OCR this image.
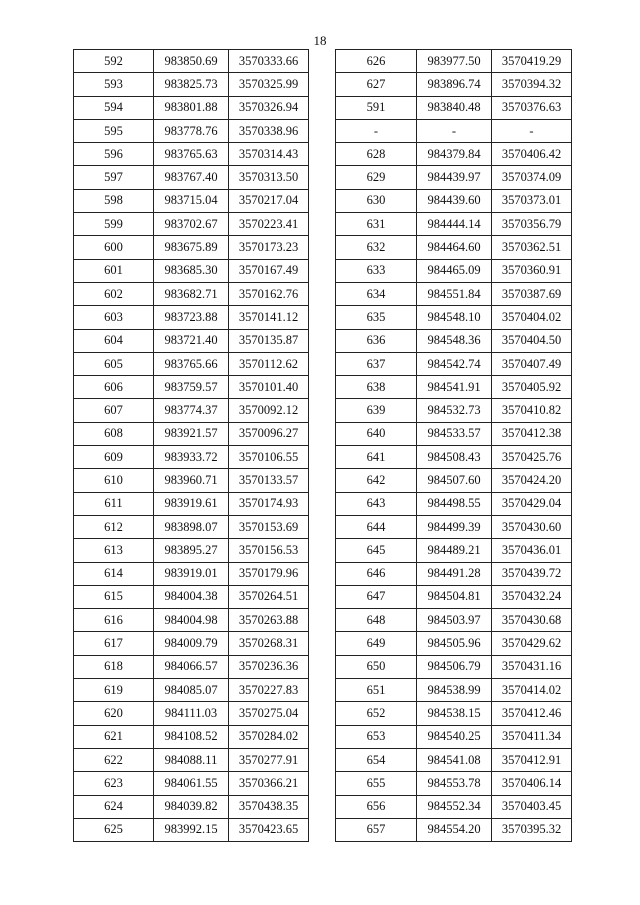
18
592	983850.69	3570333.66
593	983825.73	3570325.99
594	983801.88	3570326.94
595	983778.76	3570338.96
596	983765.63	3570314.43
597	983767.40	3570313.50
598	983715.04	3570217.04
599	983702.67	3570223.41
600	983675.89	3570173.23
601	983685.30	3570167.49
602	983682.71	3570162.76
603	983723.88	3570141.12
604	983721.40	3570135.87
605	983765.66	3570112.62
606	983759.57	3570101.40
607	983774.37	3570092.12
608	983921.57	3570096.27
609	983933.72	3570106.55
610	983960.71	3570133.57
611	983919.61	3570174.93
612	983898.07	3570153.69
613	983895.27	3570156.53
614	983919.01	3570179.96
615	984004.38	3570264.51
616	984004.98	3570263.88
617	984009.79	3570268.31
618	984066.57	3570236.36
619	984085.07	3570227.83
620	984111.03	3570275.04
621	984108.52	3570284.02
622	984088.11	3570277.91
623	984061.55	3570366.21
624	984039.82	3570438.35
625	983992.15	3570423.65
626	983977.50	3570419.29
627	983896.74	3570394.32
591	983840.48	3570376.63
-	-	-
628	984379.84	3570406.42
629	984439.97	3570374.09
630	984439.60	3570373.01
631	984444.14	3570356.79
632	984464.60	3570362.51
633	984465.09	3570360.91
634	984551.84	3570387.69
635	984548.10	3570404.02
636	984548.36	3570404.50
637	984542.74	3570407.49
638	984541.91	3570405.92
639	984532.73	3570410.82
640	984533.57	3570412.38
641	984508.43	3570425.76
642	984507.60	3570424.20
643	984498.55	3570429.04
644	984499.39	3570430.60
645	984489.21	3570436.01
646	984491.28	3570439.72
647	984504.81	3570432.24
648	984503.97	3570430.68
649	984505.96	3570429.62
650	984506.79	3570431.16
651	984538.99	3570414.02
652	984538.15	3570412.46
653	984540.25	3570411.34
654	984541.08	3570412.91
655	984553.78	3570406.14
656	984552.34	3570403.45
657	984554.20	3570395.32
